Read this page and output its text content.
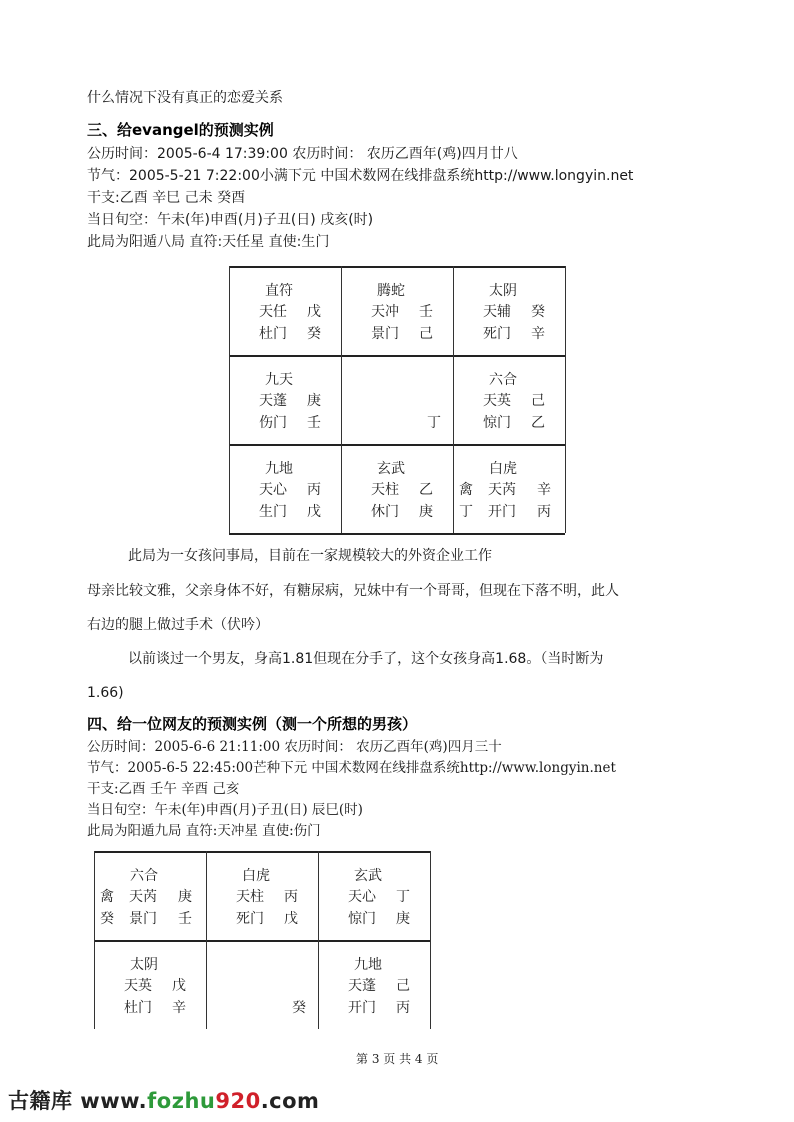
什么情况下没有真正的恋爱关系
三、给evangel的预测实例
公历时间：2005-6-4 17:39:00 农历时间： 农历乙酉年(鸡)四月廿八
节气：2005-5-21 7:22:00小满下元 中国术数网在线排盘系统http://www.longyin.net
干支:乙酉 辛巳 己未 癸酉
当日旬空：午未(年)申酉(月)子丑(日) 戌亥(时)
此局为阳遁八局 直符:天任星 直使:生门
直符
天任 戊
杜门 癸
腾蛇
天冲 壬
景门 己
太阴
天辅 癸
死门 辛
九天
天蓬 庚
伤门 壬	丁
六合
天英 己
惊门 乙
九地
天心 丙
生门 戊
玄武
天柱 乙
休门 庚
白虎
禽
丁
天芮 辛
开门 丙
此局为一女孩问事局，目前在一家规模较大的外资企业工作
母亲比较文雅，父亲身体不好，有糖尿病，兄妹中有一个哥哥，但现在下落不明，此人
右边的腿上做过手术（伏吟）
以前谈过一个男友，身高1.81但现在分手了，这个女孩身高1.68。（当时断为
1.66)
四、给一位网友的预测实例（测一个所想的男孩）
公历时间：2005-6-6 21:11:00 农历时间： 农历乙酉年(鸡)四月三十
节气：2005-6-5 22:45:00芒种下元 中国术数网在线排盘系统http://www.longyin.net
干支:乙酉 壬午 辛酉 己亥
当日旬空：午未(年)申酉(月)子丑(日) 辰巳(时)
此局为阳遁九局 直符:天冲星 直使:伤门
六合
禽
癸
天芮 庚
景门 壬
白虎
天柱 丙
死门 戊
玄武
天心 丁
惊门 庚
太阴
天英 戊
杜门 辛	癸
九地
天蓬 己
开门 丙
第 3 页 共 4 页
古籍库 www.fozhu920.com
